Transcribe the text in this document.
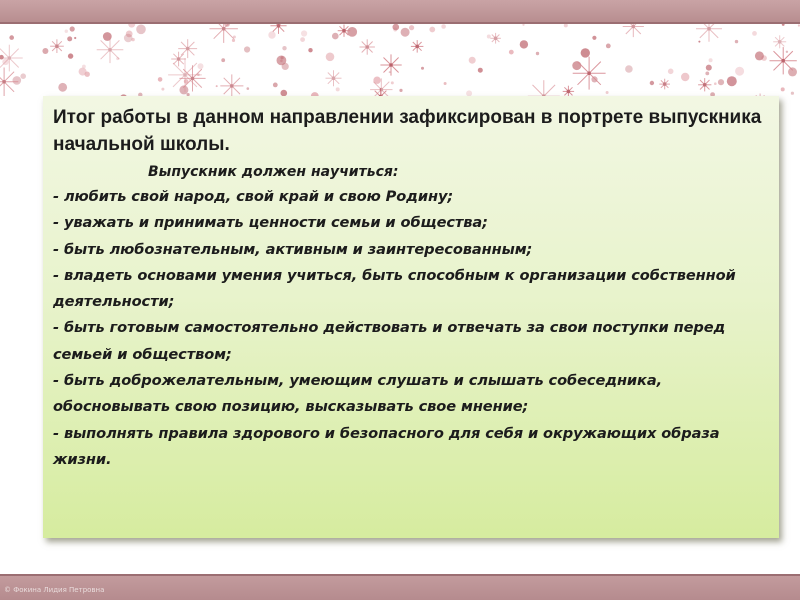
Итог работы в данном направлении зафиксирован в портрете выпускника начальной школы.

Выпускник должен научиться:

- любить свой народ, свой край и свою Родину;
- уважать и принимать ценности семьи и общества;
- быть любознательным, активным и заинтересованным;
- владеть основами умения учиться, быть способным к организации собственной деятельности;
- быть готовым самостоятельно действовать и отвечать за свои поступки перед семьей и обществом;
- быть доброжелательным, умеющим слушать и слышать собеседника, обосновывать свою позицию, высказывать свое мнение;
- выполнять правила здорового и безопасного для себя и окружающих образа жизни.
© Фокина Лидия Петровна
